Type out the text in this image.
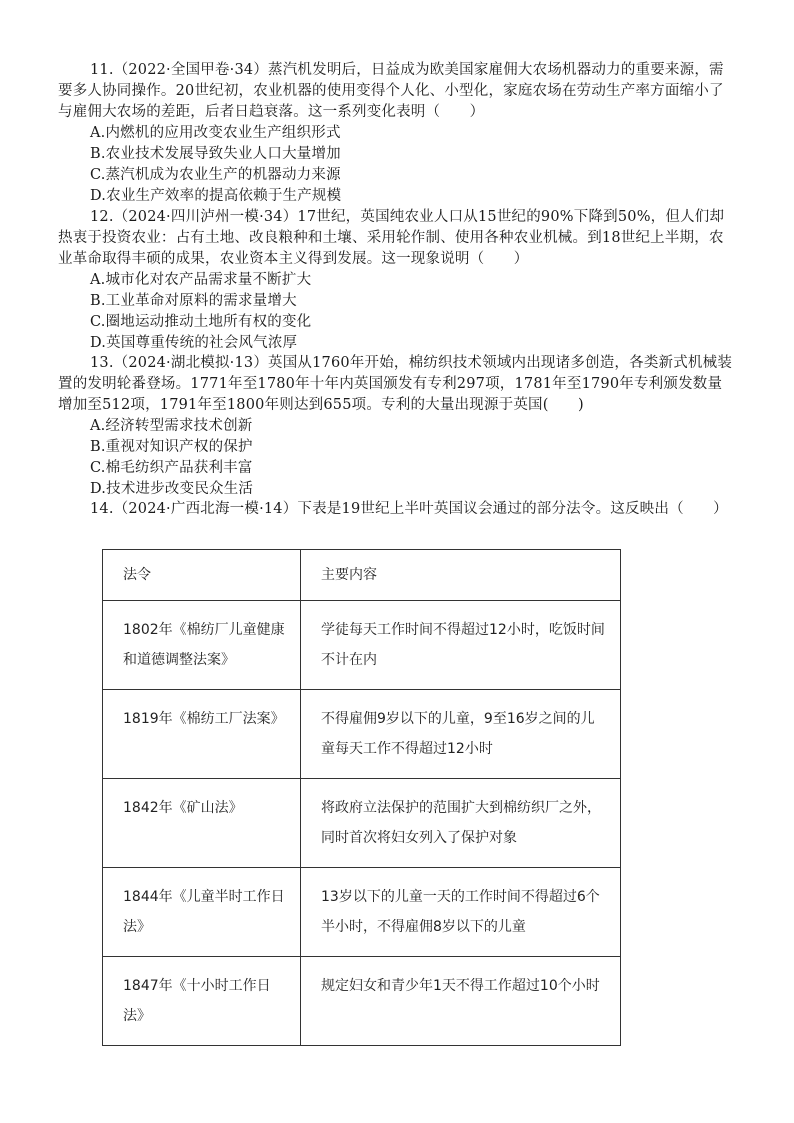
11.（2022·全国甲卷·34）蒸汽机发明后，日益成为欧美国家雇佣大农场机器动力的重要来源，需要多人协同操作。20世纪初，农业机器的使用变得个人化、小型化，家庭农场在劳动生产率方面缩小了与雇佣大农场的差距，后者日趋衰落。这一系列变化表明（　　）

A.内燃机的应用改变农业生产组织形式

B.农业技术发展导致失业人口大量增加

C.蒸汽机成为农业生产的机器动力来源

D.农业生产效率的提高依赖于生产规模

12.（2024·四川泸州一模·34）17世纪，英国纯农业人口从15世纪的90%下降到50%，但人们却热衷于投资农业：占有土地、改良粮种和土壤、采用轮作制、使用各种农业机械。到18世纪上半期，农业革命取得丰硕的成果，农业资本主义得到发展。这一现象说明（　　）

A.城市化对农产品需求量不断扩大

B.工业革命对原料的需求量增大

C.圈地运动推动土地所有权的变化

D.英国尊重传统的社会风气浓厚

13.（2024·湖北模拟·13）英国从1760年开始，棉纺织技术领域内出现诸多创造，各类新式机械装置的发明轮番登场。1771年至1780年十年内英国颁发有专利297项，1781年至1790年专利颁发数量增加至512项，1791年至1800年则达到655项。专利的大量出现源于英国(　　)

A.经济转型需求技术创新

B.重视对知识产权的保护

C.棉毛纺织产品获利丰富

D.技术进步改变民众生活

14.（2024·广西北海一模·14）下表是19世纪上半叶英国议会通过的部分法令。这反映出（　　）

法令	主要内容
1802年《棉纺厂儿童健康和道德调整法案》	学徒每天工作时间不得超过12小时，吃饭时间不计在内
1819年《棉纺工厂法案》	不得雇佣9岁以下的儿童，9至16岁之间的儿童每天工作不得超过12小时
1842年《矿山法》	将政府立法保护的范围扩大到棉纺织厂之外，同时首次将妇女列入了保护对象
1844年《儿童半时工作日法》	13岁以下的儿童一天的工作时间不得超过6个半小时，不得雇佣8岁以下的儿童
1847年《十小时工作日法》	规定妇女和青少年1天不得工作超过10个小时
